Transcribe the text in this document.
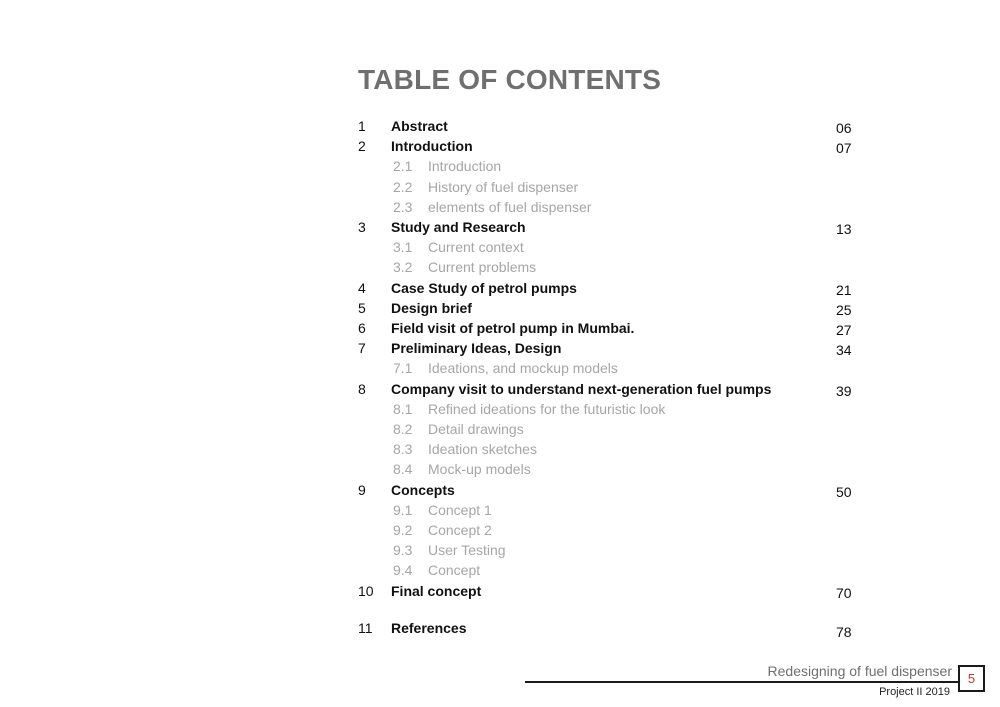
TABLE OF CONTENTS
1 Abstract	06
2 Introduction	07
2.1 Introduction
2.2 History of fuel dispenser
2.3 elements of fuel dispenser
3 Study and Research	13
3.1 Current context
3.2 Current problems
4 Case Study of petrol pumps	21
5 Design brief	25
6 Field visit of petrol pump in Mumbai.	27
7 Preliminary Ideas, Design	34
7.1 Ideations, and mockup models
8 Company visit to understand next-generation fuel pumps	39
8.1 Refined ideations for the futuristic look
8.2 Detail drawings
8.3 Ideation sketches
8.4 Mock-up models
9 Concepts	50
9.1 Concept 1
9.2 Concept 2
9.3 User Testing
9.4 Concept
10 Final concept	70
11 References	78
Redesigning of fuel dispenser
Project II 2019
5
